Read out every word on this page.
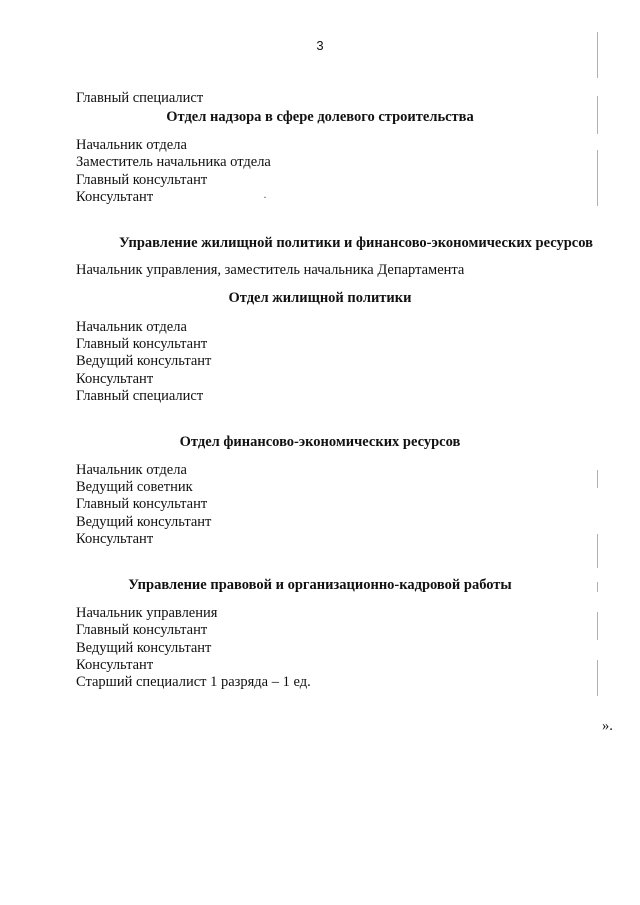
3
Главный специалист
Отдел надзора в сфере долевого строительства
Начальник отдела
Заместитель начальника отдела
Главный консультант
Консультант
Управление жилищной политики и финансово-экономических ресурсов
Начальник управления, заместитель начальника Департамента
Отдел жилищной политики
Начальник отдела
Главный консультант
Ведущий консультант
Консультант
Главный специалист
Отдел финансово-экономических ресурсов
Начальник отдела
Ведущий советник
Главный консультант
Ведущий консультант
Консультант
Управление правовой и организационно-кадровой работы
Начальник управления
Главный консультант
Ведущий консультант
Консультант
Старший специалист 1 разряда – 1 ед.
».
·
